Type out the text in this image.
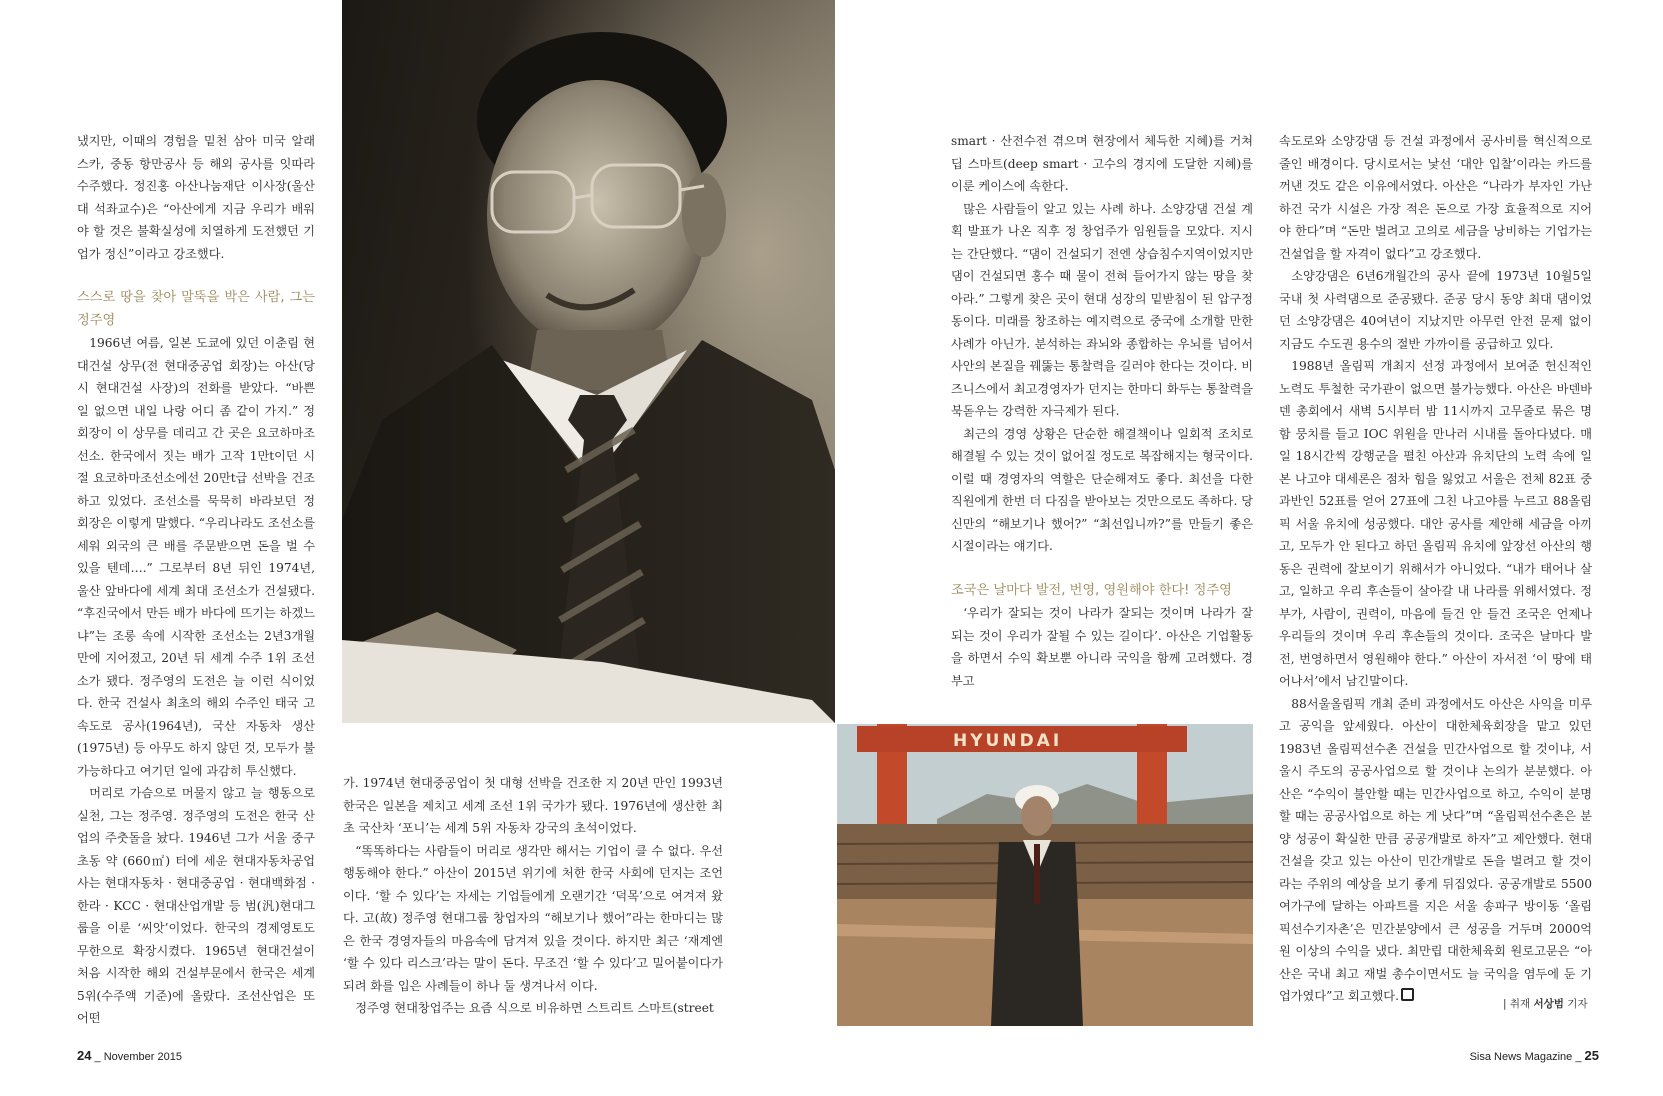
냈지만, 이때의 경험을 밑천 삼아 미국 알래스카, 중동 항만공사 등 해외 공사를 잇따라 수주했다. 정진홍 아산나눔재단 이사장(울산대 석좌교수)은 “아산에게 지금 우리가 배워야 할 것은 불확실성에 치열하게 도전했던 기업가 정신”이라고 강조했다.

스스로 땅을 찾아 말뚝을 박은 사람, 그는 정주영

1966년 여름, 일본 도쿄에 있던 이춘림 현대건설 상무(전 현대중공업 회장)는 아산(당시 현대건설 사장)의 전화를 받았다. “바쁜 일 없으면 내일 나랑 어디 좀 같이 가지.” 정 회장이 이 상무를 데리고 간 곳은 요코하마조선소. 한국에서 짓는 배가 고작 1만t이던 시절 요코하마조선소에선 20만t급 선박을 건조하고 있었다. 조선소를 묵묵히 바라보던 정 회장은 이렇게 말했다. “우리나라도 조선소를 세워 외국의 큰 배를 주문받으면 돈을 벌 수 있을 텐데….” 그로부터 8년 뒤인 1974년, 울산 앞바다에 세계 최대 조선소가 건설됐다. “후진국에서 만든 배가 바다에 뜨기는 하겠느냐”는 조롱 속에 시작한 조선소는 2년3개월 만에 지어졌고, 20년 뒤 세계 수주 1위 조선소가 됐다. 정주영의 도전은 늘 이런 식이었다. 한국 건설사 최초의 해외 수주인 태국 고속도로 공사(1964년), 국산 자동차 생산(1975년) 등 아무도 하지 않던 것, 모두가 불가능하다고 여기던 일에 과감히 투신했다.

머리로 가슴으로 머물지 않고 늘 행동으로 실천, 그는 정주영. 정주영의 도전은 한국 산업의 주춧돌을 놨다. 1946년 그가 서울 중구 초동 약 (660㎡) 터에 세운 현대자동차공업사는 현대자동차 · 현대중공업 · 현대백화점 · 한라 · KCC · 현대산업개발 등 범(汎)현대그룹을 이룬 ‘씨앗’이었다. 한국의 경제영토도 무한으로 확장시켰다. 1965년 현대건설이 처음 시작한 해외 건설부문에서 한국은 세계 5위(수주액 기준)에 올랐다. 조선산업은 또 어떤

가. 1974년 현대중공업이 첫 대형 선박을 건조한 지 20년 만인 1993년 한국은 일본을 제치고 세계 조선 1위 국가가 됐다. 1976년에 생산한 최초 국산차 ‘포니’는 세계 5위 자동차 강국의 초석이었다.

“똑똑하다는 사람들이 머리로 생각만 해서는 기업이 클 수 없다. 우선 행동해야 한다.” 아산이 2015년 위기에 처한 한국 사회에 던지는 조언이다. ‘할 수 있다’는 자세는 기업들에게 오랜기간 ‘덕목’으로 여겨져 왔다. 고(故) 정주영 현대그룹 창업자의 “해보기나 했어”라는 한마디는 많은 한국 경영자들의 마음속에 담겨져 있을 것이다. 하지만 최근 ‘재계엔 ‘할 수 있다 리스크’라는 말이 돈다. 무조건 ‘할 수 있다’고 밀어붙이다가 되려 화를 입은 사례들이 하나 둘 생겨나서 이다.

정주영 현대창업주는 요즘 식으로 비유하면 스트리트 스마트(street

smart · 산전수전 겪으며 현장에서 체득한 지혜)를 거쳐 딥 스마트(deep smart · 고수의 경지에 도달한 지혜)를 이룬 케이스에 속한다.

많은 사람들이 알고 있는 사례 하나. 소양강댐 건설 계획 발표가 나온 직후 정 창업주가 임원들을 모았다. 지시는 간단했다. “댐이 건설되기 전엔 상습침수지역이었지만 댐이 건설되면 홍수 때 물이 전혀 들어가지 않는 땅을 찾아라.” 그렇게 찾은 곳이 현대 성장의 밑받침이 된 압구정동이다. 미래를 창조하는 예지력으로 중국에 소개할 만한 사례가 아닌가. 분석하는 좌뇌와 종합하는 우뇌를 넘어서 사안의 본질을 꿰뚫는 통찰력을 길러야 한다는 것이다. 비즈니스에서 최고경영자가 던지는 한마디 화두는 통찰력을 북돋우는 강력한 자극제가 된다.

최근의 경영 상황은 단순한 해결책이나 일회적 조치로 해결될 수 있는 것이 없어질 정도로 복잡해지는 형국이다. 이럴 때 경영자의 역할은 단순해져도 좋다. 최선을 다한 직원에게 한번 더 다짐을 받아보는 것만으로도 족하다. 당신만의 “해보기나 했어?” “최선입니까?”를 만들기 좋은 시절이라는 얘기다.

조국은 날마다 발전, 번영, 영원해야 한다! 정주영

‘우리가 잘되는 것이 나라가 잘되는 것이며 나라가 잘되는 것이 우리가 잘될 수 있는 길이다’. 아산은 기업활동을 하면서 수익 확보뿐 아니라 국익을 함께 고려했다. 경부고

속도로와 소양강댐 등 건설 과정에서 공사비를 혁신적으로 줄인 배경이다. 당시로서는 낯선 ‘대안 입찰’이라는 카드를 꺼낸 것도 같은 이유에서였다. 아산은 “나라가 부자인 가난하건 국가 시설은 가장 적은 돈으로 가장 효율적으로 지어야 한다”며 “돈만 벌려고 고의로 세금을 낭비하는 기업가는 건설업을 할 자격이 없다”고 강조했다.

소양강댐은 6년6개월간의 공사 끝에 1973년 10월5일 국내 첫 사력댐으로 준공됐다. 준공 당시 동양 최대 댐이었던 소양강댐은 40여년이 지났지만 아무런 안전 문제 없이 지금도 수도권 용수의 절반 가까이를 공급하고 있다.

1988년 올림픽 개최지 선정 과정에서 보여준 헌신적인 노력도 투철한 국가관이 없으면 불가능했다. 아산은 바덴바덴 총회에서 새벽 5시부터 밤 11시까지 고무줄로 묶은 명함 뭉치를 들고 IOC 위원을 만나러 시내를 돌아다녔다. 매일 18시간씩 강행군을 펼친 아산과 유치단의 노력 속에 일본 나고야 대세론은 점차 힘을 잃었고 서울은 전체 82표 중 과반인 52표를 얻어 27표에 그친 나고야를 누르고 88올림픽 서울 유치에 성공했다. 대안 공사를 제안해 세금을 아끼고, 모두가 안 된다고 하던 올림픽 유치에 앞장선 아산의 행동은 권력에 잘보이기 위해서가 아니었다. “내가 태어나 살고, 일하고 우리 후손들이 살아갈 내 나라를 위해서였다. 정부가, 사람이, 권력이, 마음에 들건 안 들건 조국은 언제나 우리들의 것이며 우리 후손들의 것이다. 조국은 날마다 발전, 번영하면서 영원해야 한다.” 아산이 자서전 ‘이 땅에 태어나서’에서 남긴말이다.

88서울올림픽 개최 준비 과정에서도 아산은 사익을 미루고 공익을 앞세웠다. 아산이 대한체육회장을 맡고 있던 1983년 올림픽선수촌 건설을 민간사업으로 할 것이냐, 서울시 주도의 공공사업으로 할 것이냐 논의가 분분했다. 아산은 “수익이 불안할 때는 민간사업으로 하고, 수익이 분명할 때는 공공사업으로 하는 게 낫다”며 “올림픽선수촌은 분양 성공이 확실한 만큼 공공개발로 하자”고 제안했다. 현대건설을 갖고 있는 아산이 민간개발로 돈을 벌려고 할 것이라는 주위의 예상을 보기 좋게 뒤집었다. 공공개발로 5500여가구에 달하는 아파트를 지은 서울 송파구 방이동 ‘올림픽선수기자촌’은 민간분양에서 큰 성공을 거두며 2000억원 이상의 수익을 냈다. 최만립 대한체육회 원로고문은 “아산은 국내 최고 재벌 총수이면서도 늘 국익을 염두에 둔 기업가였다”고 회고했다.

HYUNDAI
| 취재 서상범 기자
24 _ November 2015	Sisa News Magazine _ 25
